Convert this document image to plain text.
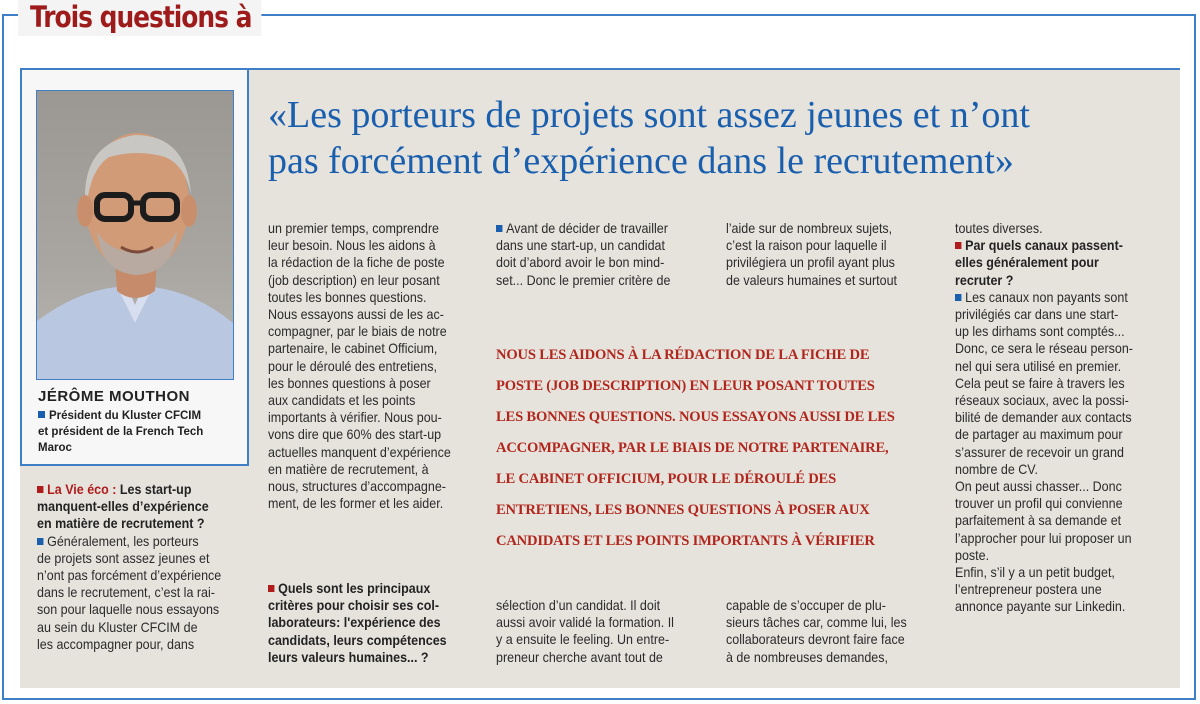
Trois questions à
JÉRÔME MOUTHON
Président du Kluster CFCIM
et président de la French Tech
Maroc
«Les porteurs de projets sont assez jeunes et n’ont
pas forcément d’expérience dans le recrutement»

La Vie éco : Les start-up

manquent-elles d’expérience

en matière de recrutement ?

Généralement, les porteurs

de projets sont assez jeunes et

n’ont pas forcément d’expérience

dans le recrutement, c’est la rai-

son pour laquelle nous essayons

au sein du Kluster CFCIM de

les accompagner pour, dans

un premier temps, comprendre

leur besoin. Nous les aidons à

la rédaction de la fiche de poste

(job description) en leur posant

toutes les bonnes questions.

Nous essayons aussi de les ac-

compagner, par le biais de notre

partenaire, le cabinet Officium,

pour le déroulé des entretiens,

les bonnes questions à poser

aux candidats et les points

importants à vérifier. Nous pou-

vons dire que 60% des start-up

actuelles manquent d’expérience

en matière de recrutement, à

nous, structures d’accompagne-

ment, de les former et les aider.

Quels sont les principaux

critères pour choisir ses col-

laborateurs: l'expérience des

candidats, leurs compétences

leurs valeurs humaines... ?

Avant de décider de travailler

dans une start-up, un candidat

doit d’abord avoir le bon mind-

set... Donc le premier critère de

sélection d’un candidat. Il doit

aussi avoir validé la formation. Il

y a ensuite le feeling. Un entre-

preneur cherche avant tout de

l’aide sur de nombreux sujets,

c’est la raison pour laquelle il

privilégiera un profil ayant plus

de valeurs humaines et surtout

capable de s’occuper de plu-

sieurs tâches car, comme lui, les

collaborateurs devront faire face

à de nombreuses demandes,

NOUS LES AIDONS À LA RÉDACTION DE LA FICHE DE

POSTE (JOB DESCRIPTION) EN LEUR POSANT TOUTES

LES BONNES QUESTIONS. NOUS ESSAYONS AUSSI DE LES

ACCOMPAGNER, PAR LE BIAIS DE NOTRE PARTENAIRE,

LE CABINET OFFICIUM, POUR LE DÉROULÉ DES

ENTRETIENS, LES BONNES QUESTIONS À POSER AUX

CANDIDATS ET LES POINTS IMPORTANTS À VÉRIFIER

toutes diverses.

Par quels canaux passent-

elles généralement pour

recruter ?

Les canaux non payants sont

privilégiés car dans une start-

up les dirhams sont comptés...

Donc, ce sera le réseau person-

nel qui sera utilisé en premier.

Cela peut se faire à travers les

réseaux sociaux, avec la possi-

bilité de demander aux contacts

de partager au maximum pour

s’assurer de recevoir un grand

nombre de CV.

On peut aussi chasser... Donc

trouver un profil qui convienne

parfaitement à sa demande et

l’approcher pour lui proposer un

poste.

Enfin, s’il y a un petit budget,

l’entrepreneur postera une

annonce payante sur Linkedin.
